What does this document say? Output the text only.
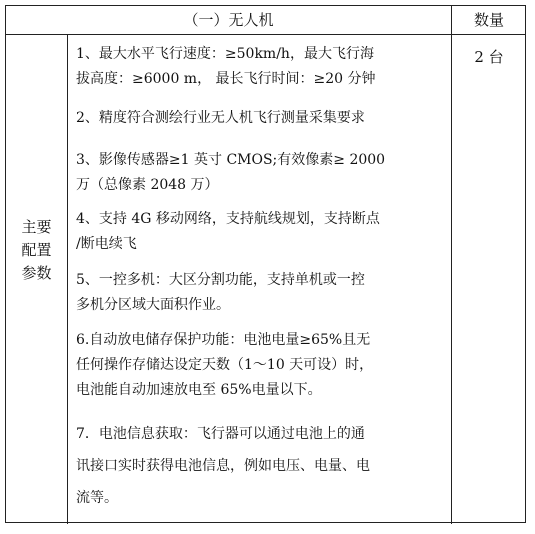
（一）无人机	数量
主要
配置
参数
2 台
1、最大水平飞行速度：≥50km/h，最大飞行海
拔高度：≥6000 m， 最长飞行时间：≥20 分钟
2、精度符合测绘行业无人机飞行测量采集要求
3、影像传感器≥1 英寸 CMOS;有效像素≥ 2000
万（总像素 2048 万）
4、支持 4G 移动网络，支持航线规划，支持断点
/断电续飞
5、一控多机：大区分割功能，支持单机或一控
多机分区域大面积作业。
6.自动放电储存保护功能：电池电量≥65%且无
任何操作存储达设定天数（1～10 天可设）时，
电池能自动加速放电至 65%电量以下。
7．电池信息获取：飞行器可以通过电池上的通
讯接口实时获得电池信息，例如电压、电量、电
流等。
